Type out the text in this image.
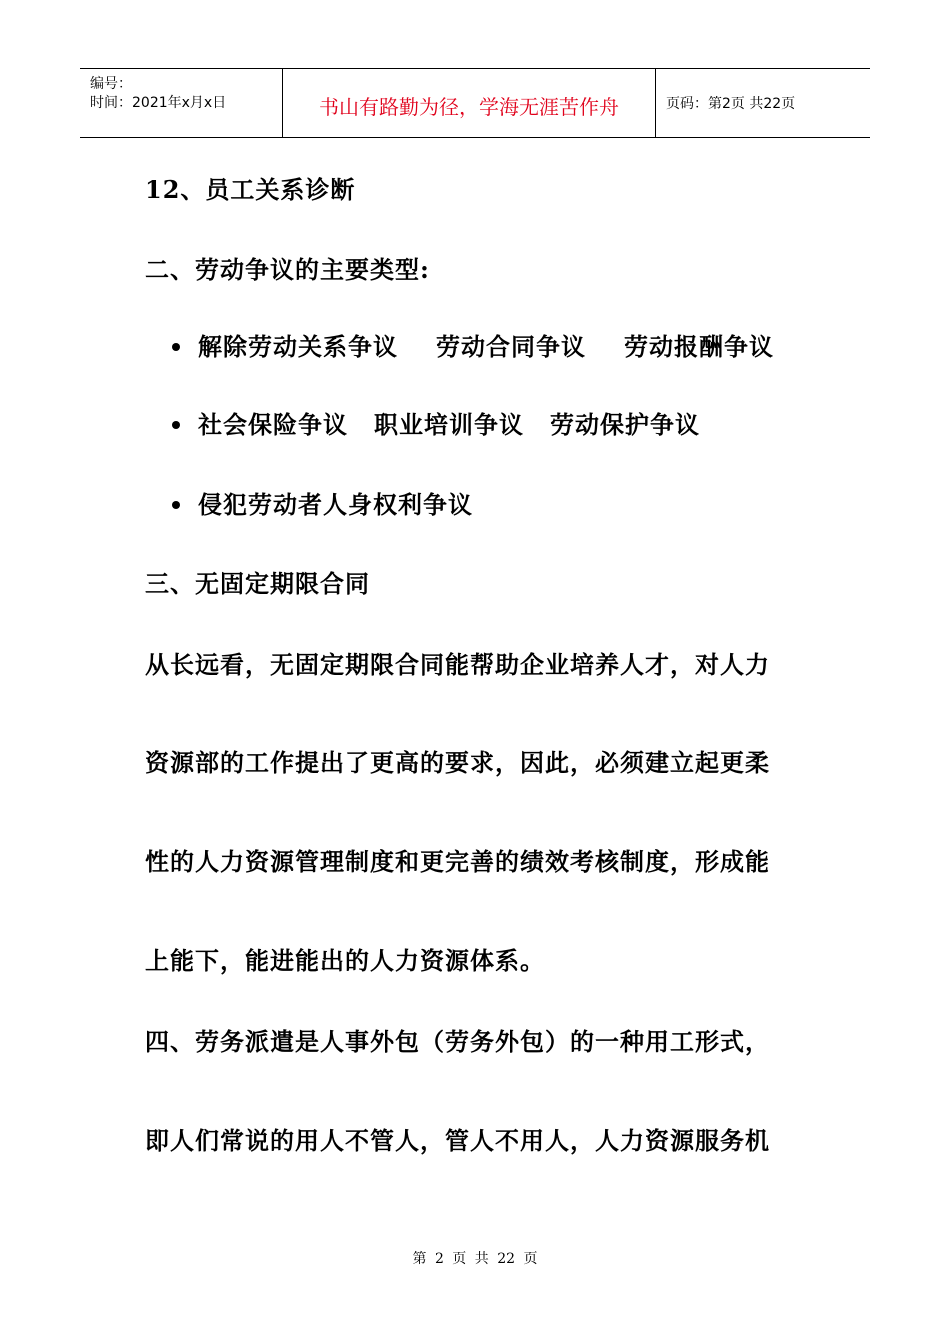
编号：
时间：2021年x月x日	书山有路勤为径，学海无涯苦作舟	页码：第2页 共22页
12、员工关系诊断
二、劳动争议的主要类型:
解除劳动关系争议 劳动合同争议 劳动报酬争议
社会保险争议 职业培训争议 劳动保护争议
侵犯劳动者人身权利争议
三、无固定期限合同
从长远看，无固定期限合同能帮助企业培养人才，对人力
资源部的工作提出了更高的要求，因此，必须建立起更柔
性的人力资源管理制度和更完善的绩效考核制度，形成能
上能下，能进能出的人力资源体系。
四、劳务派遣是人事外包（劳务外包）的一种用工形式，
即人们常说的用人不管人，管人不用人，人力资源服务机
第 2 页 共 22 页
